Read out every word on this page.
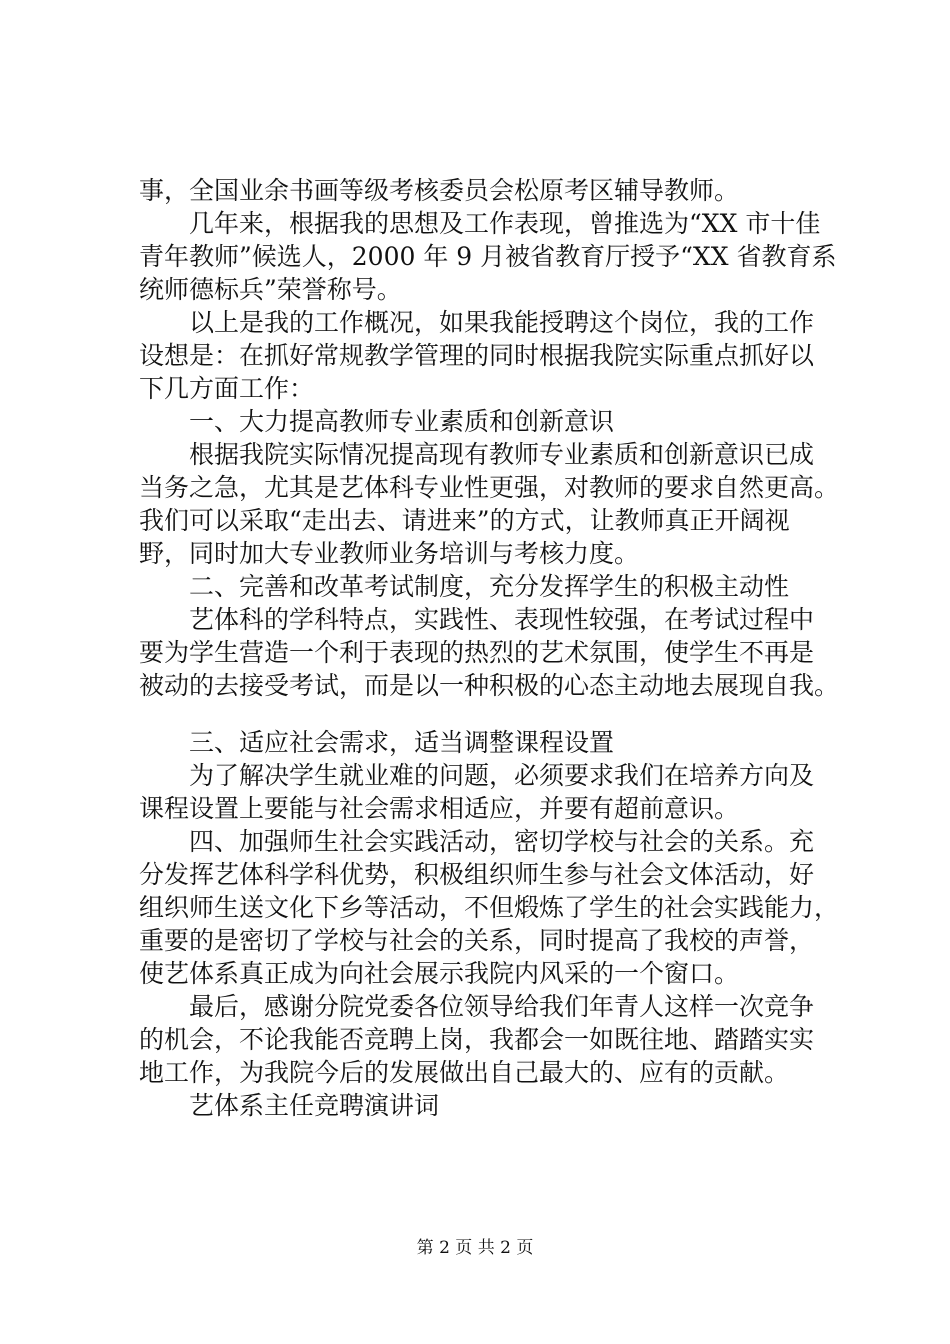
事，全国业余书画等级考核委员会松原考区辅导教师。
　　几年来，根据我的思想及工作表现，曾推选为“XX 市十佳
青年教师”候选人，2000 年 9 月被省教育厅授予“XX 省教育系
统师德标兵”荣誉称号。
　　以上是我的工作概况，如果我能授聘这个岗位，我的工作
设想是：在抓好常规教学管理的同时根据我院实际重点抓好以
下几方面工作：
　　一、大力提高教师专业素质和创新意识
　　根据我院实际情况提高现有教师专业素质和创新意识已成
当务之急，尤其是艺体科专业性更强，对教师的要求自然更高。
我们可以采取“走出去、请进来”的方式，让教师真正开阔视
野，同时加大专业教师业务培训与考核力度。
　　二、完善和改革考试制度，充分发挥学生的积极主动性
　　艺体科的学科特点，实践性、表现性较强，在考试过程中
要为学生营造一个利于表现的热烈的艺术氛围，使学生不再是
被动的去接受考试，而是以一种积极的心态主动地去展现自我。
　　三、适应社会需求，适当调整课程设置
　　为了解决学生就业难的问题，必须要求我们在培养方向及
课程设置上要能与社会需求相适应，并要有超前意识。
　　四、加强师生社会实践活动，密切学校与社会的关系。充
分发挥艺体科学科优势，积极组织师生参与社会文体活动，好
组织师生送文化下乡等活动，不但煅炼了学生的社会实践能力，
重要的是密切了学校与社会的关系，同时提高了我校的声誉，
使艺体系真正成为向社会展示我院内风采的一个窗口。
　　最后，感谢分院党委各位领导给我们年青人这样一次竞争
的机会，不论我能否竞聘上岗，我都会一如既往地、踏踏实实
地工作，为我院今后的发展做出自己最大的、应有的贡献。
　　艺体系主任竞聘演讲词
第 2 页 共 2 页
